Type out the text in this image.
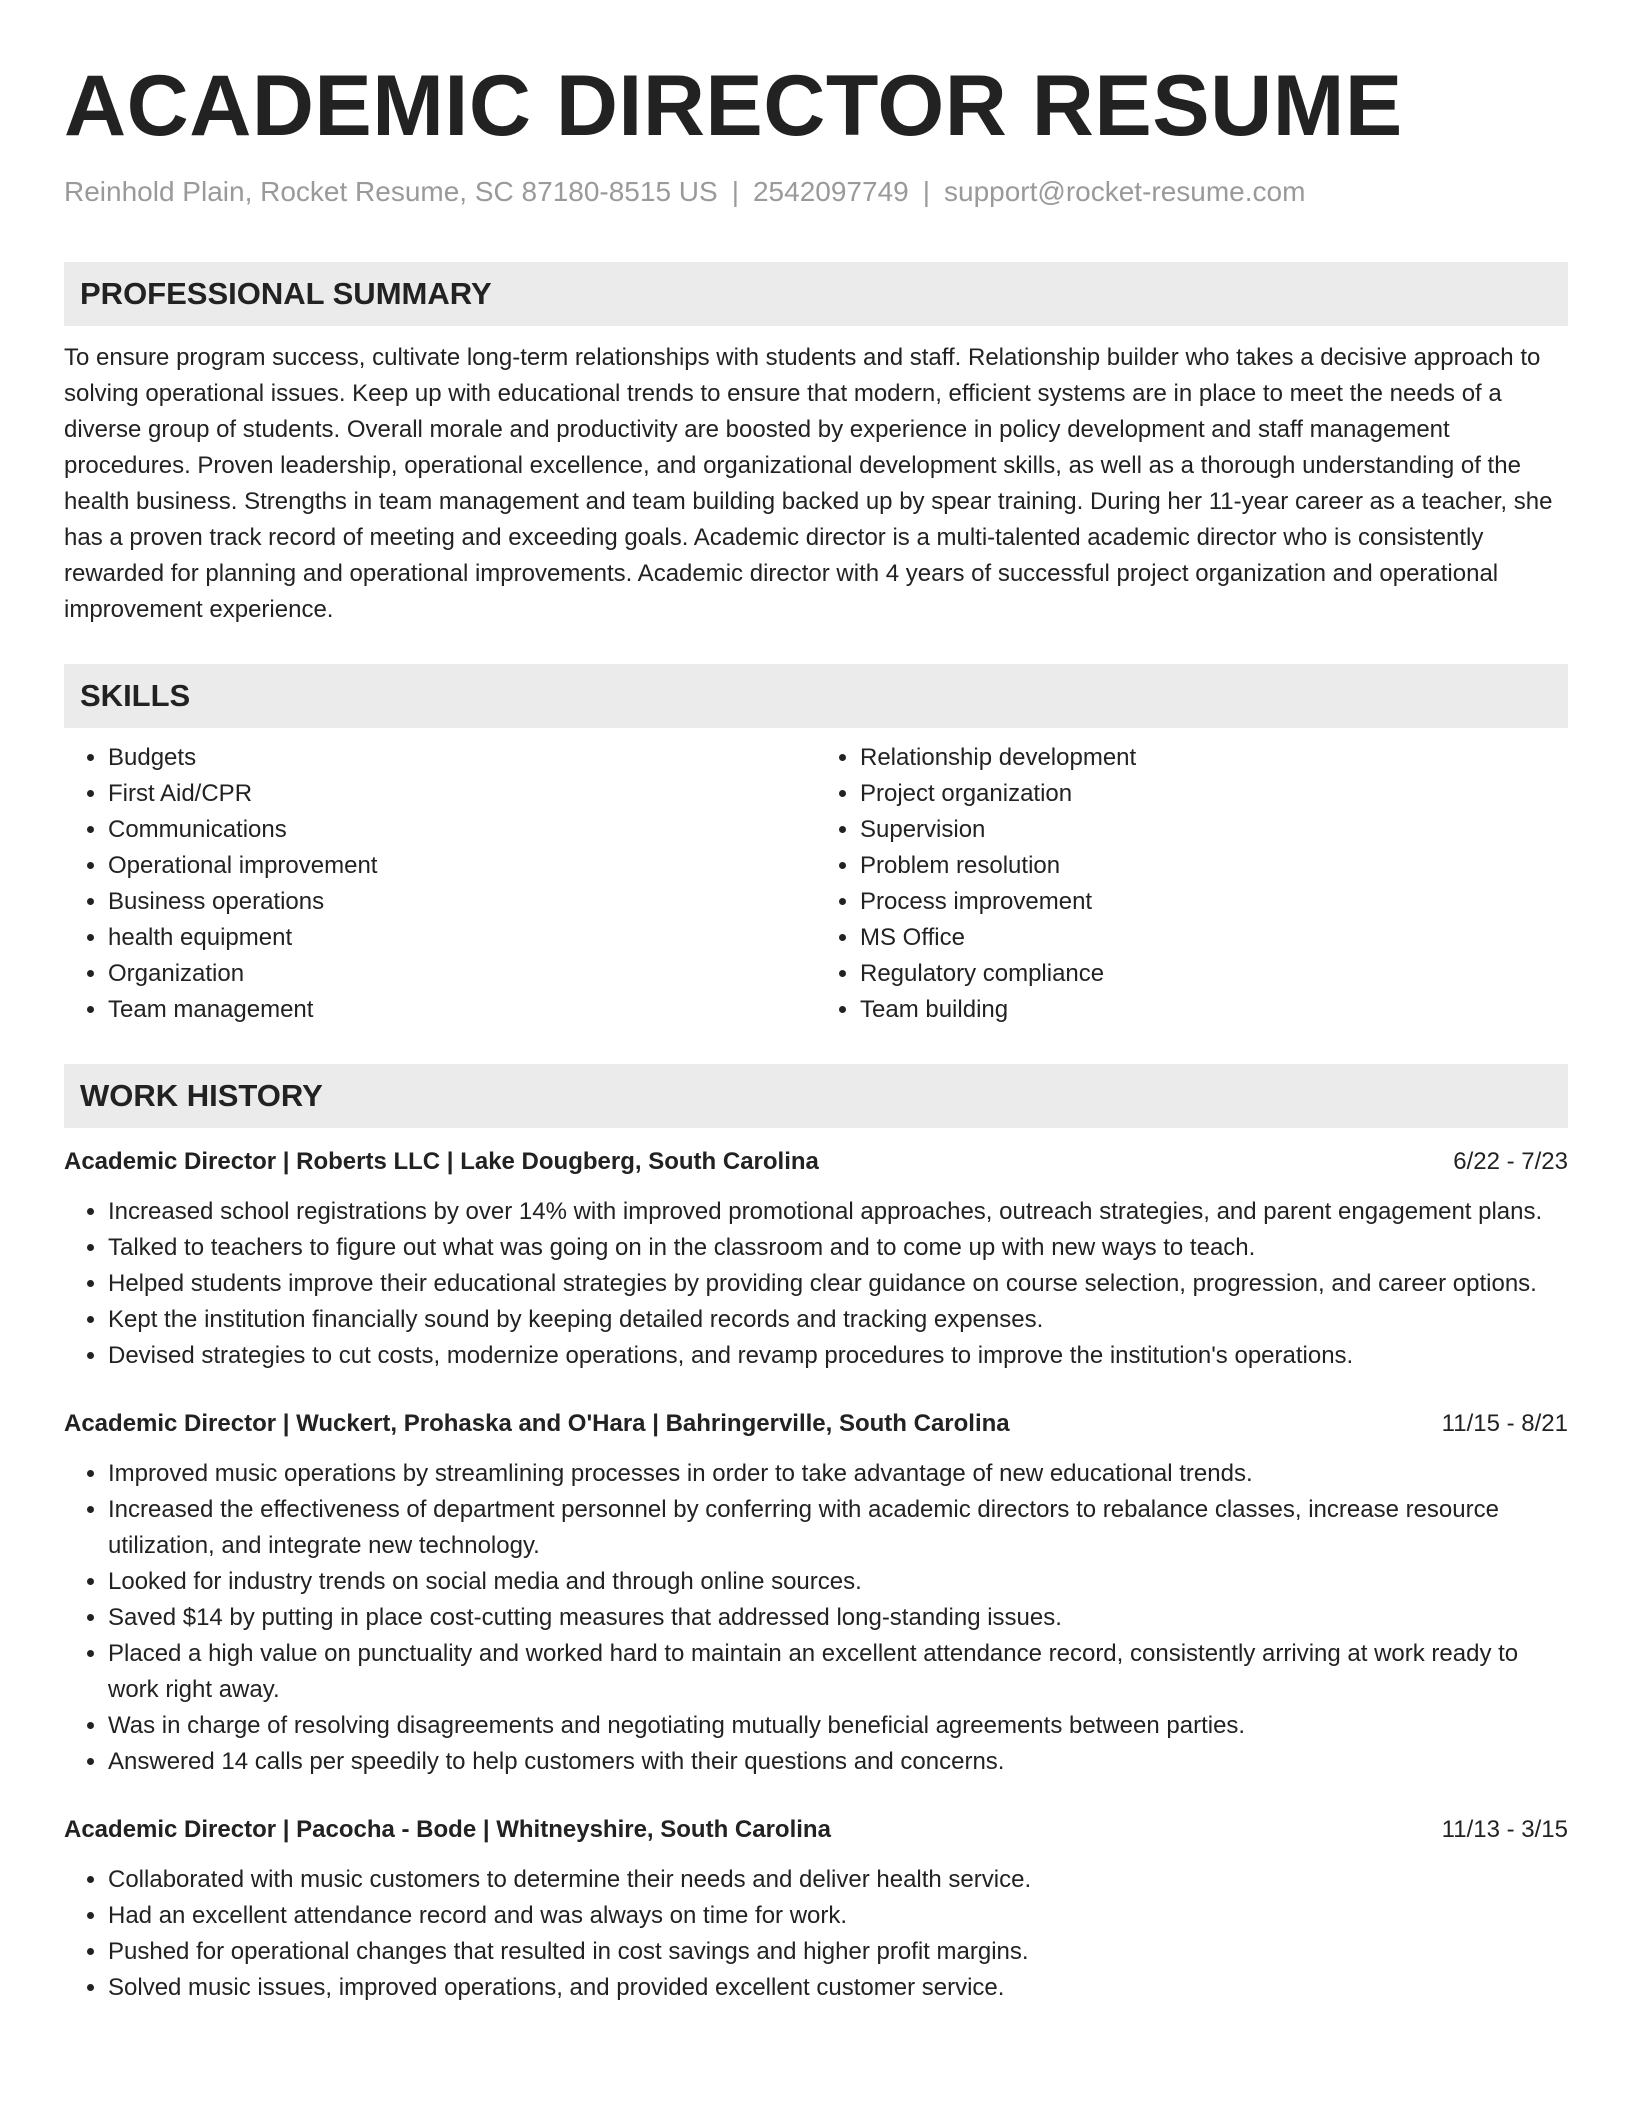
ACADEMIC DIRECTOR RESUME
Reinhold Plain, Rocket Resume, SC 87180-8515 US | 2542097749 | support@rocket-resume.com
PROFESSIONAL SUMMARY

To ensure program success, cultivate long-term relationships with students and staff. Relationship builder who takes a decisive approach to solving operational issues. Keep up with educational trends to ensure that modern, efficient systems are in place to meet the needs of a diverse group of students. Overall morale and productivity are boosted by experience in policy development and staff management procedures. Proven leadership, operational excellence, and organizational development skills, as well as a thorough understanding of the health business. Strengths in team management and team building backed up by spear training. During her 11-year career as a teacher, she has a proven track record of meeting and exceeding goals. Academic director is a multi-talented academic director who is consistently rewarded for planning and operational improvements. Academic director with 4 years of successful project organization and operational improvement experience.

SKILLS
• Budgets
• First Aid/CPR
• Communications
• Operational improvement
• Business operations
• health equipment
• Organization
• Team management
• Relationship development
• Project organization
• Supervision
• Problem resolution
• Process improvement
• MS Office
• Regulatory compliance
• Team building
WORK HISTORY
Academic Director | Roberts LLC | Lake Dougberg, South Carolina	6/22 - 7/23
• Increased school registrations by over 14% with improved promotional approaches, outreach strategies, and parent engagement plans.
• Talked to teachers to figure out what was going on in the classroom and to come up with new ways to teach.
• Helped students improve their educational strategies by providing clear guidance on course selection, progression, and career options.
• Kept the institution financially sound by keeping detailed records and tracking expenses.
• Devised strategies to cut costs, modernize operations, and revamp procedures to improve the institution's operations.
Academic Director | Wuckert, Prohaska and O'Hara | Bahringerville, South Carolina	11/15 - 8/21
• Improved music operations by streamlining processes in order to take advantage of new educational trends.
• Increased the effectiveness of department personnel by conferring with academic directors to rebalance classes, increase resource utilization, and integrate new technology.
• Looked for industry trends on social media and through online sources.
• Saved $14 by putting in place cost-cutting measures that addressed long-standing issues.
• Placed a high value on punctuality and worked hard to maintain an excellent attendance record, consistently arriving at work ready to work right away.
• Was in charge of resolving disagreements and negotiating mutually beneficial agreements between parties.
• Answered 14 calls per speedily to help customers with their questions and concerns.
Academic Director | Pacocha - Bode | Whitneyshire, South Carolina	11/13 - 3/15
• Collaborated with music customers to determine their needs and deliver health service.
• Had an excellent attendance record and was always on time for work.
• Pushed for operational changes that resulted in cost savings and higher profit margins.
• Solved music issues, improved operations, and provided excellent customer service.
